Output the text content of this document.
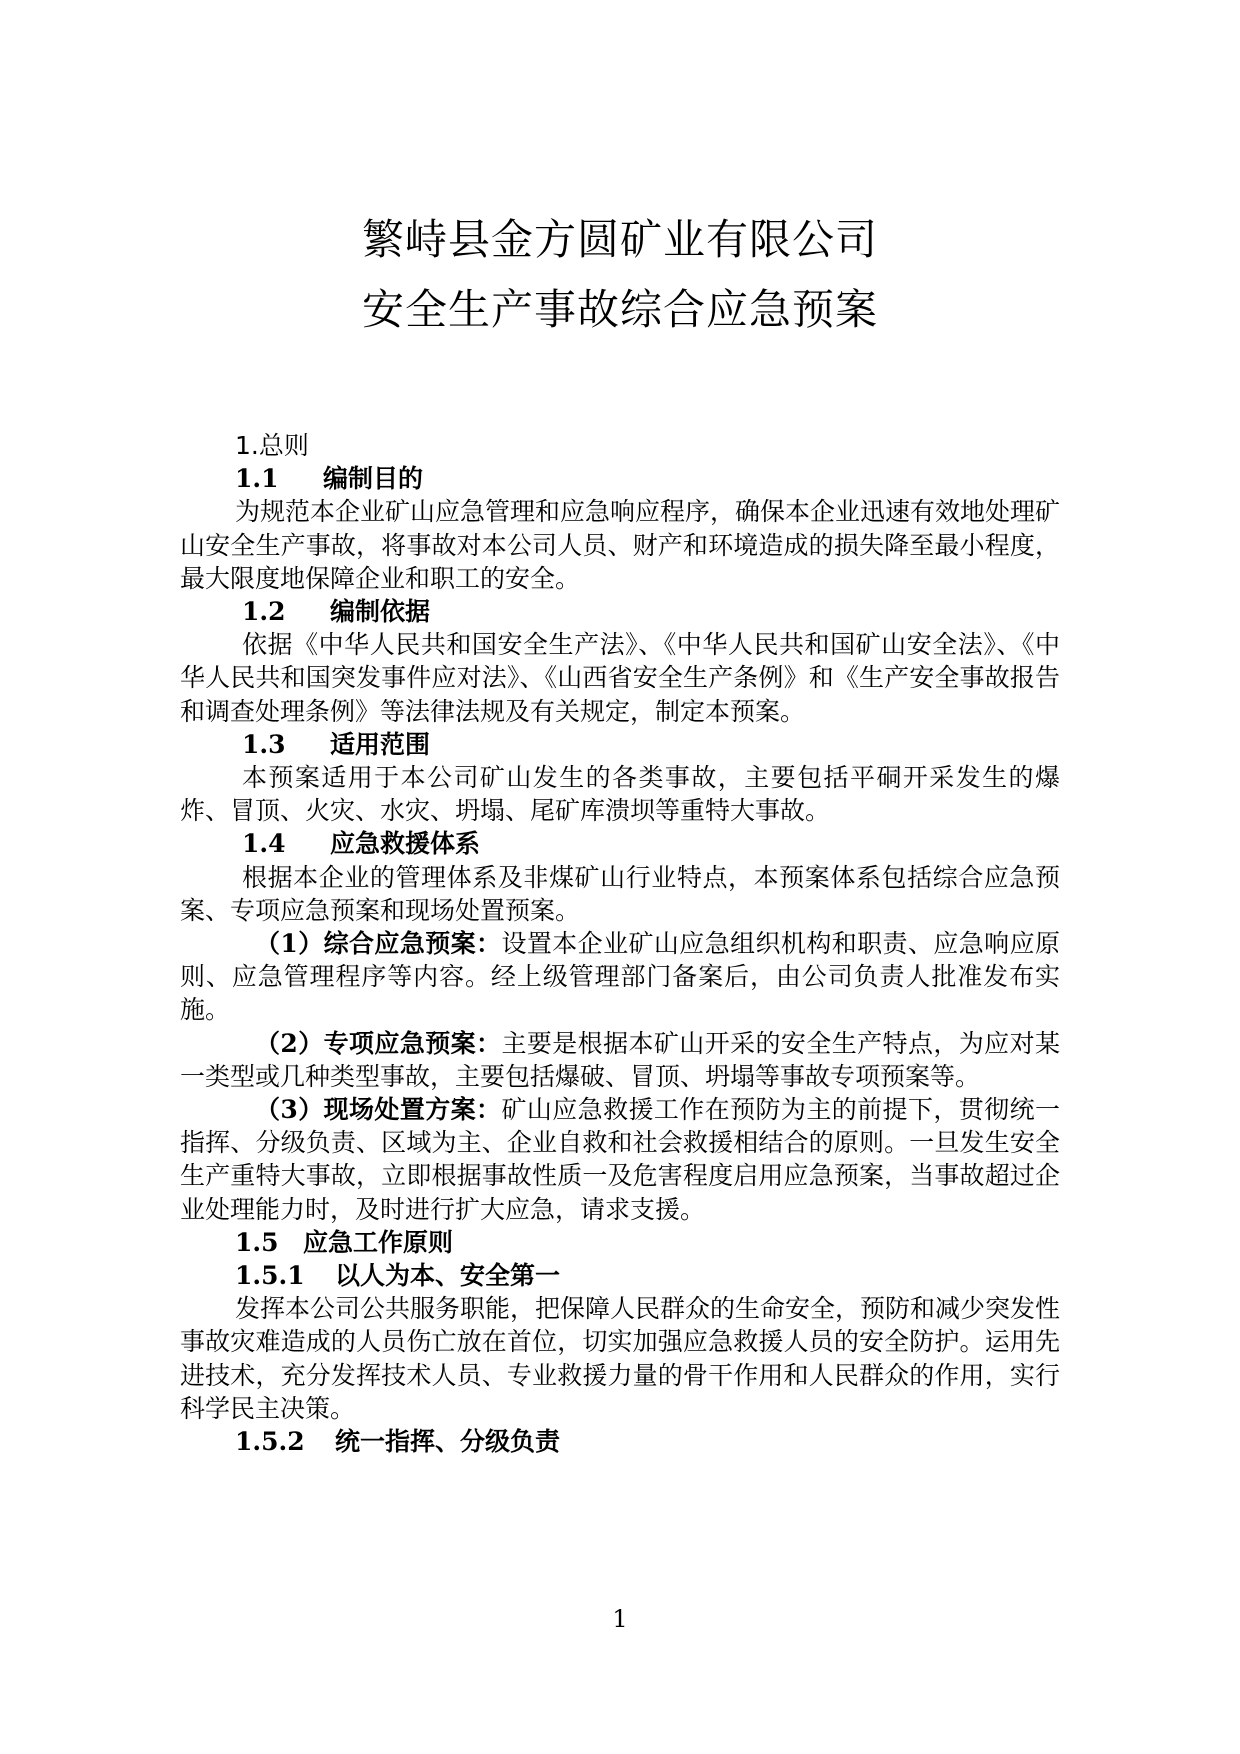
繁峙县金方圆矿业有限公司
安全生产事故综合应急预案

1.总则

1.1 编制目的

为规范本企业矿山应急管理和应急响应程序，确保本企业迅速有效地处理矿山安全生产事故，将事故对本公司人员、财产和环境造成的损失降至最小程度，最大限度地保障企业和职工的安全。

1.2 编制依据

依据《中华人民共和国安全生产法》、《中华人民共和国矿山安全法》、《中华人民共和国突发事件应对法》、《山西省安全生产条例》和《生产安全事故报告和调查处理条例》等法律法规及有关规定，制定本预案。

1.3 适用范围

本预案适用于本公司矿山发生的各类事故，主要包括平硐开采发生的爆炸、冒顶、火灾、水灾、坍塌、尾矿库溃坝等重特大事故。

1.4 应急救援体系

根据本企业的管理体系及非煤矿山行业特点，本预案体系包括综合应急预案、专项应急预案和现场处置预案。

（1）综合应急预案：设置本企业矿山应急组织机构和职责、应急响应原则、应急管理程序等内容。经上级管理部门备案后，由公司负责人批准发布实施。

（2）专项应急预案：主要是根据本矿山开采的安全生产特点，为应对某一类型或几种类型事故，主要包括爆破、冒顶、坍塌等事故专项预案等。

（3）现场处置方案：矿山应急救援工作在预防为主的前提下，贯彻统一指挥、分级负责、区域为主、企业自救和社会救援相结合的原则。一旦发生安全生产重特大事故，立即根据事故性质一及危害程度启用应急预案，当事故超过企业处理能力时，及时进行扩大应急，请求支援。

1.5 应急工作原则

1.5.1 以人为本、安全第一

发挥本公司公共服务职能，把保障人民群众的生命安全，预防和减少突发性事故灾难造成的人员伤亡放在首位，切实加强应急救援人员的安全防护。运用先进技术，充分发挥技术人员、专业救援力量的骨干作用和人民群众的作用，实行科学民主决策。

1.5.2 统一指挥、分级负责

1
